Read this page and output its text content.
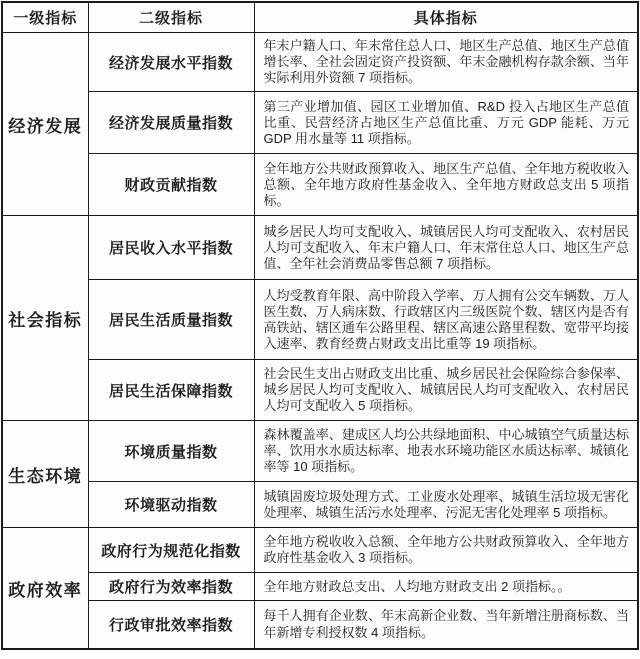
一级指标	二级指标	具体指标
经济发展	经济发展水平指数	年末户籍人口、年末常住总人口、地区生产总值、地区生产总值增长率、全社会固定资产投资额、年末金融机构存款余额、当年实际利用外资额 7 项指标。
	经济发展质量指数	第三产业增加值、园区工业增加值、R&D 投入占地区生产总值比重、民营经济占地区生产总值比重、万元 GDP 能耗、万元 GDP 用水量等 11 项指标。
	财政贡献指数	全年地方公共财政预算收入、地区生产总值、全年地方税收收入总额、全年地方政府性基金收入、全年地方财政总支出 5 项指标。
社会指标	居民收入水平指数	城乡居民人均可支配收入、城镇居民人均可支配收入、农村居民人均可支配收入、年末户籍人口、年末常住总人口、地区生产总值、全年社会消费品零售总额 7 项指标。
	居民生活质量指数	人均受教育年限、高中阶段入学率、万人拥有公交车辆数、万人医生数、万人病床数、行政辖区内三级医院个数、辖区内是否有高铁站、辖区通车公路里程、辖区高速公路里程数、宽带平均接入速率、教育经费占财政支出比重等 19 项指标。
	居民生活保障指数	社会民生支出占财政支出比重、城乡居民社会保险综合参保率、城乡居民人均可支配收入、城镇居民人均可支配收入、农村居民人均可支配收入 5 项指标。
生态环境	环境质量指数	森林覆盖率、建成区人均公共绿地面积、中心城镇空气质量达标率、饮用水水质达标率、地表水环境功能区水质达标率、城镇化率等 10 项指标。
	环境驱动指数	城镇固废垃圾处理方式、工业废水处理率、城镇生活垃圾无害化处理率、城镇生活污水处理率、污泥无害化处理率 5 项指标。
政府效率	政府行为规范化指数	全年地方税收收入总额、全年地方公共财政预算收入、全年地方政府性基金收入 3 项指标。
	政府行为效率指数	全年地方财政总支出、人均地方财政支出 2 项指标。。
	行政审批效率指数	每千人拥有企业数、年末高新企业数、当年新增注册商标数、当年新增专利授权数 4 项指标。
